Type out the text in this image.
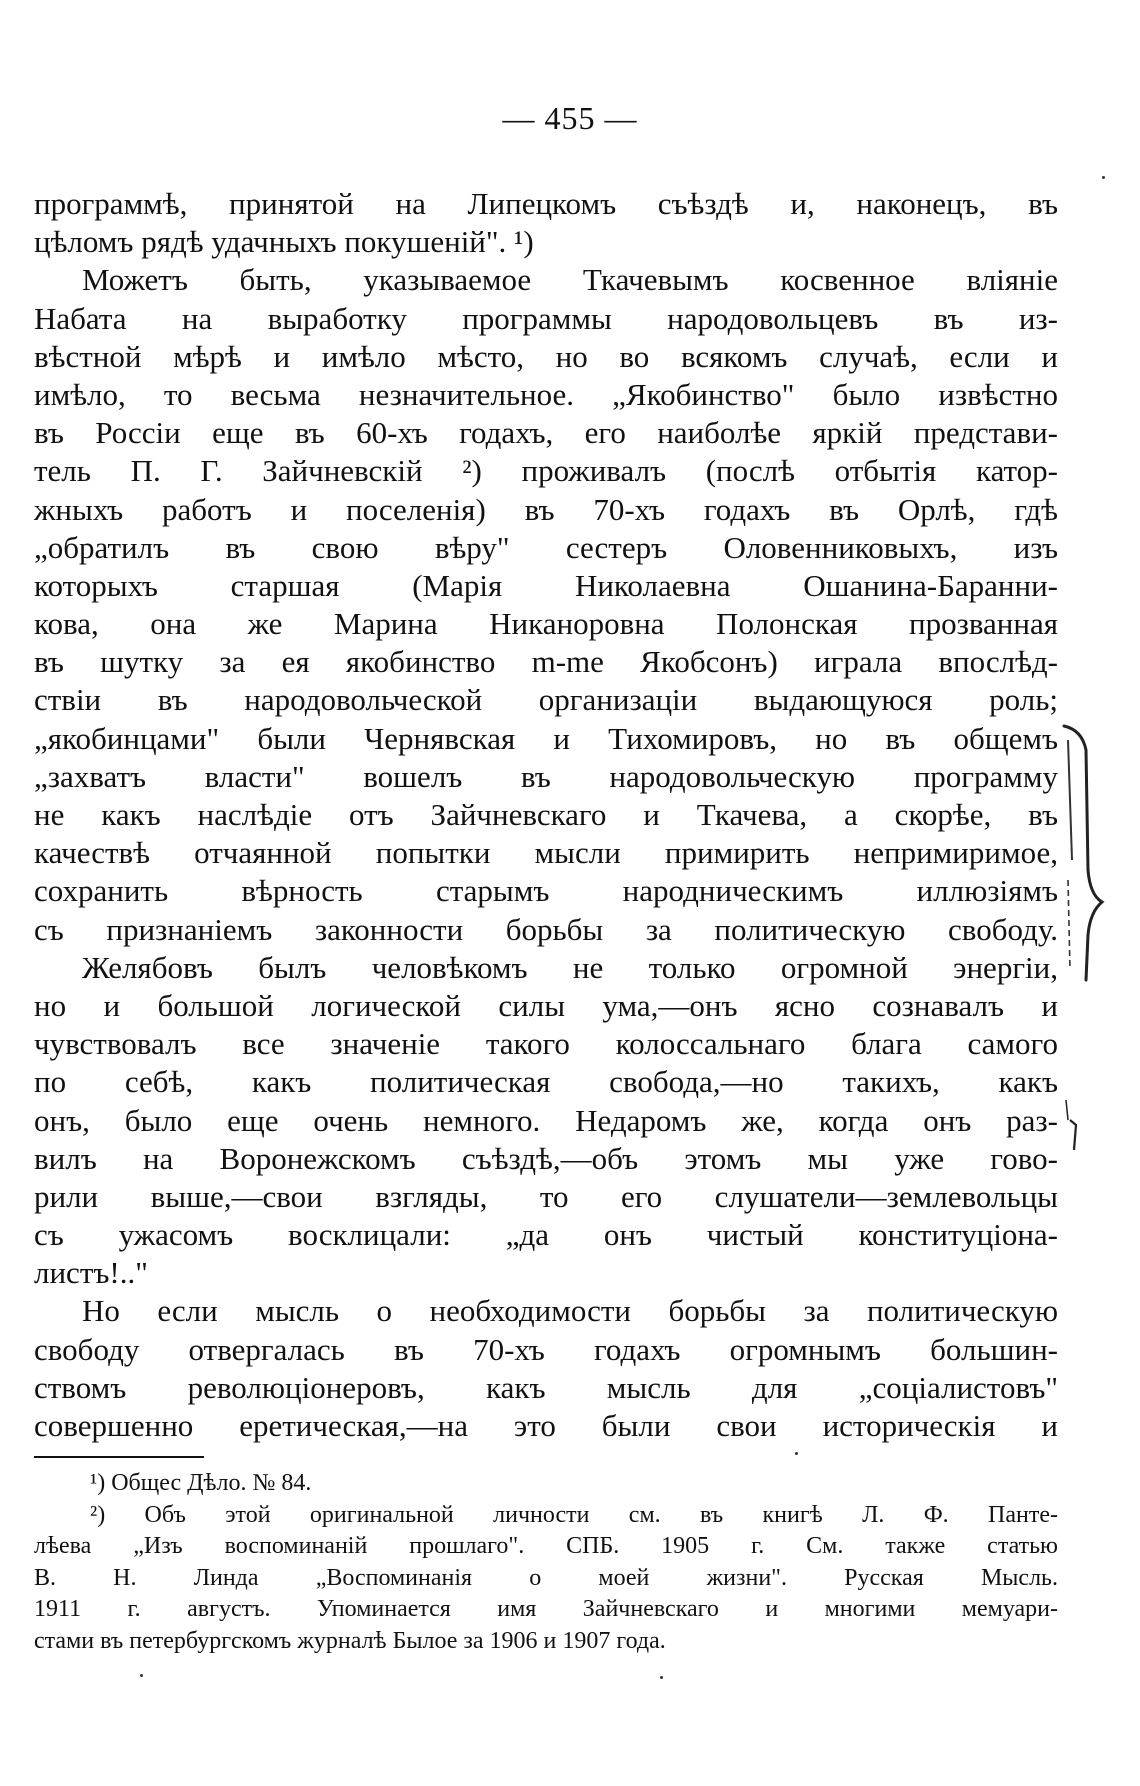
— 455 —
программѣ, принятой на Липецкомъ съѣздѣ и, наконецъ, въ
цѣломъ рядѣ удачныхъ покушеній". ¹)
Можетъ быть, указываемое Ткачевымъ косвенное вліяніе
Набата на выработку программы народовольцевъ въ из-
вѣстной мѣрѣ и имѣло мѣсто, но во всякомъ случаѣ, если и
имѣло, то весьма незначительное. „Якобинство" было извѣстно
въ Россіи еще въ 60-хъ годахъ, его наиболѣе яркій представи-
тель П. Г. Зайчневскій ²) проживалъ (послѣ отбытія катор-
жныхъ работъ и поселенія) въ 70-хъ годахъ въ Орлѣ, гдѣ
„обратилъ въ свою вѣру" сестеръ Оловенниковыхъ, изъ
которыхъ старшая (Марія Николаевна Ошанина-Баранни-
кова, она же Марина Никаноровна Полонская прозванная
въ шутку за ея якобинство m-me Якобсонъ) играла впослѣд-
ствіи въ народовольческой организаціи выдающуюся роль;
„якобинцами" были Чернявская и Тихомировъ, но въ общемъ
„захватъ власти" вошелъ въ народовольческую программу
не какъ наслѣдіе отъ Зайчневскаго и Ткачева, а скорѣе, въ
качествѣ отчаянной попытки мысли примирить непримиримое,
сохранить вѣрность старымъ народническимъ иллюзіямъ
съ признаніемъ законности борьбы за политическую свободу.
Желябовъ былъ человѣкомъ не только огромной энергіи,
но и большой логической силы ума,—онъ ясно сознавалъ и
чувствовалъ все значеніе такого колоссальнаго блага самого
по себѣ, какъ политическая свобода,—но такихъ, какъ
онъ, было еще очень немного. Недаромъ же, когда онъ раз-
вилъ на Воронежскомъ съѣздѣ,—объ этомъ мы уже гово-
рили выше,—свои взгляды, то его слушатели—землевольцы
съ ужасомъ восклицали: „да онъ чистый конституціона-
листъ!.."
Но если мысль о необходимости борьбы за политическую
свободу отвергалась въ 70-хъ годахъ огромнымъ большин-
ствомъ революціонеровъ, какъ мысль для „соціалистовъ"
совершенно еретическая,—на это были свои историческія и
¹) Общес Дѣло. № 84.
²) Объ этой оригинальной личности см. въ книгѣ Л. Ф. Панте-
лѣева „Изъ воспоминаній прошлаго". СПБ. 1905 г. См. также статью
В. Н. Линда „Воспоминанія о моей жизни". Русская Мысль.
1911 г. августъ. Упоминается имя Зайчневскаго и многими мемуари-
стами въ петербургскомъ журналѣ Былое за 1906 и 1907 года.
